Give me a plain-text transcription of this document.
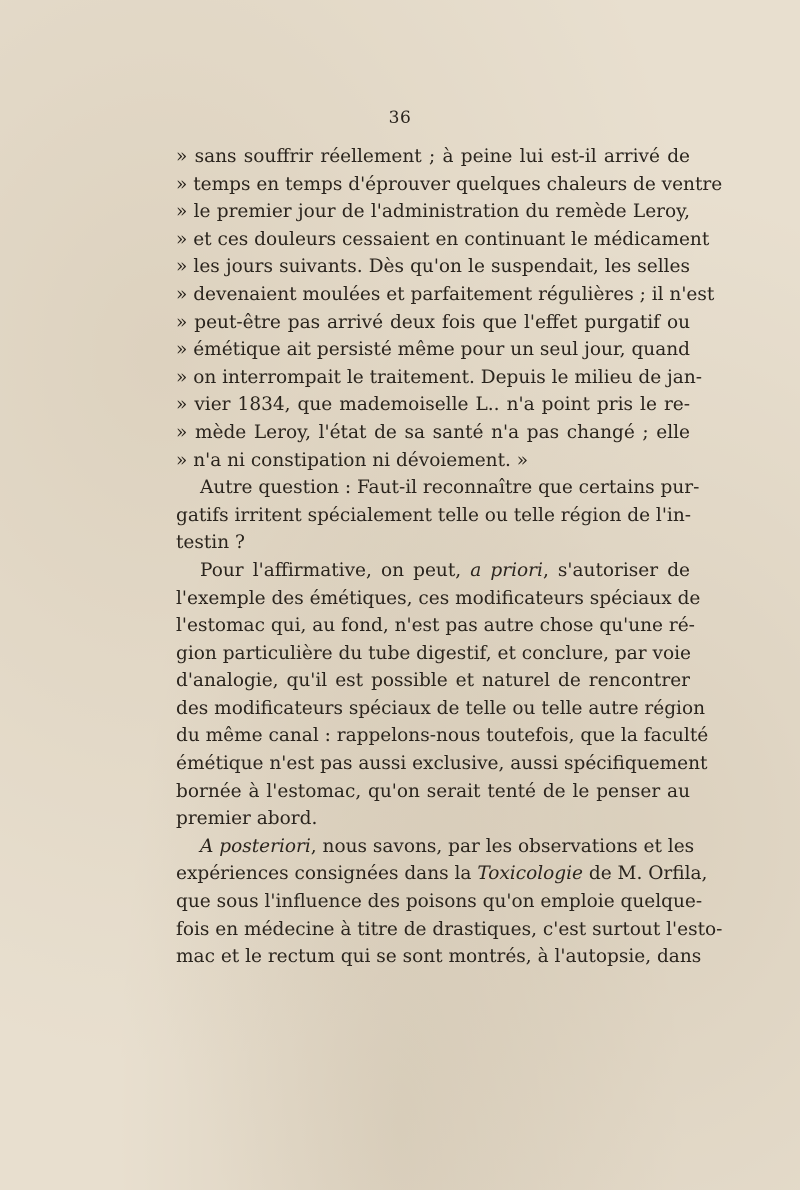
36
» sans souffrir réellement ; à peine lui est-il arrivé de
» temps en temps d'éprouver quelques chaleurs de ventre
» le premier jour de l'administration du remède Leroy,
» et ces douleurs cessaient en continuant le médicament
» les jours suivants. Dès qu'on le suspendait, les selles
» devenaient moulées et parfaitement régulières ; il n'est
» peut-être pas arrivé deux fois que l'effet purgatif ou
» émétique ait persisté même pour un seul jour, quand
» on interrompait le traitement. Depuis le milieu de jan-
» vier 1834, que mademoiselle L.. n'a point pris le re-
» mède Leroy, l'état de sa santé n'a pas changé ; elle
» n'a ni constipation ni dévoiement. »
Autre question : Faut-il reconnaître que certains pur-
gatifs irritent spécialement telle ou telle région de l'in-
testin ?
Pour l'affirmative, on peut, a priori, s'autoriser de
l'exemple des émétiques, ces modificateurs spéciaux de
l'estomac qui, au fond, n'est pas autre chose qu'une ré-
gion particulière du tube digestif, et conclure, par voie
d'analogie, qu'il est possible et naturel de rencontrer
des modificateurs spéciaux de telle ou telle autre région
du même canal : rappelons-nous toutefois, que la faculté
émétique n'est pas aussi exclusive, aussi spécifiquement
bornée à l'estomac, qu'on serait tenté de le penser au
premier abord.
A posteriori, nous savons, par les observations et les
expériences consignées dans la Toxicologie de M. Orfila,
que sous l'influence des poisons qu'on emploie quelque-
fois en médecine à titre de drastiques, c'est surtout l'esto-
mac et le rectum qui se sont montrés, à l'autopsie, dans
